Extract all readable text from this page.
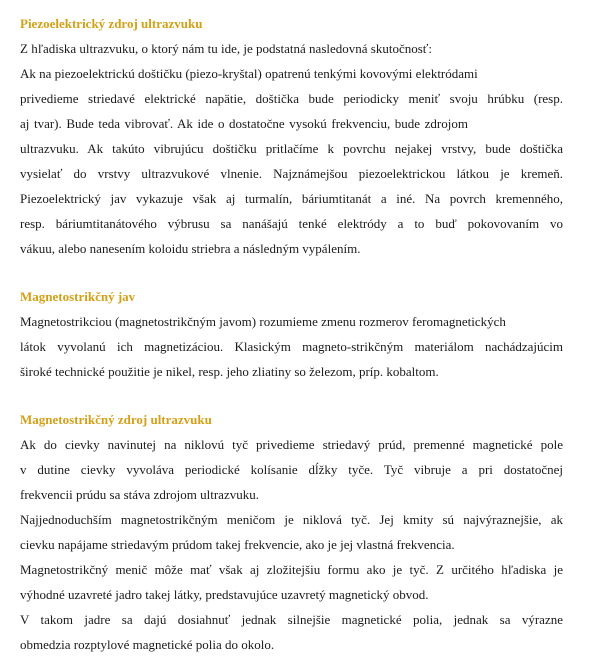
Piezoelektrický zdroj ultrazvuku
Z hľadiska ultrazvuku, o ktorý nám tu ide, je podstatná nasledovná skutočnosť:
Ak na piezoelektrickú doštičku (piezo-kryštal) opatrenú tenkými kovovými elektródami
privedieme striedavé elektrické napätie, doštička bude periodicky meniť svoju hrúbku (resp.
aj tvar). Bude teda vibrovať. Ak ide o dostatočne vysokú frekvenciu, bude zdrojom
ultrazvuku. Ak takúto vibrujúcu doštičku pritlačíme k povrchu nejakej vrstvy, bude doštička
vysielať do vrstvy ultrazvukové vlnenie. Najznámejšou piezoelektrickou látkou je kremeň.
Piezoelektrický jav vykazuje však aj turmalín, báriumtitanát a iné. Na povrch kremenného,
resp. báriumtitanátového výbrusu sa nanášajú tenké elektródy a to buď pokovovaním vo
vákuu, alebo nanesením koloidu striebra a následným vypálením.
Magnetostrikčný jav
Magnetostrikciou (magnetostrikčným javom) rozumieme zmenu rozmerov feromagnetických
látok vyvolanú ich magnetizáciou. Klasickým magneto-strikčným materiálom nachádzajúcim
široké technické použitie je nikel, resp. jeho zliatiny so železom, príp. kobaltom.
Magnetostrikčný zdroj ultrazvuku
Ak do cievky navinutej na niklovú tyč privedieme striedavý prúd, premenné magnetické pole
v dutine cievky vyvoláva periodické kolísanie dĺžky tyče. Tyč vibruje a pri dostatočnej
frekvencii prúdu sa stáva zdrojom ultrazvuku.
Najjednoduchším magnetostrikčným meničom je niklová tyč. Jej kmity sú najvýraznejšie, ak
cievku napájame striedavým prúdom takej frekvencie, ako je jej vlastná frekvencia.
Magnetostrikčný menič môže mať však aj zložitejšiu formu ako je tyč. Z určitého hľadiska je
výhodné uzavreté jadro takej látky, predstavujúce uzavretý magnetický obvod.
V takom jadre sa dajú dosiahnuť jednak silnejšie magnetické polia, jednak sa výrazne
obmedzia rozptylové magnetické polia do okolo.
